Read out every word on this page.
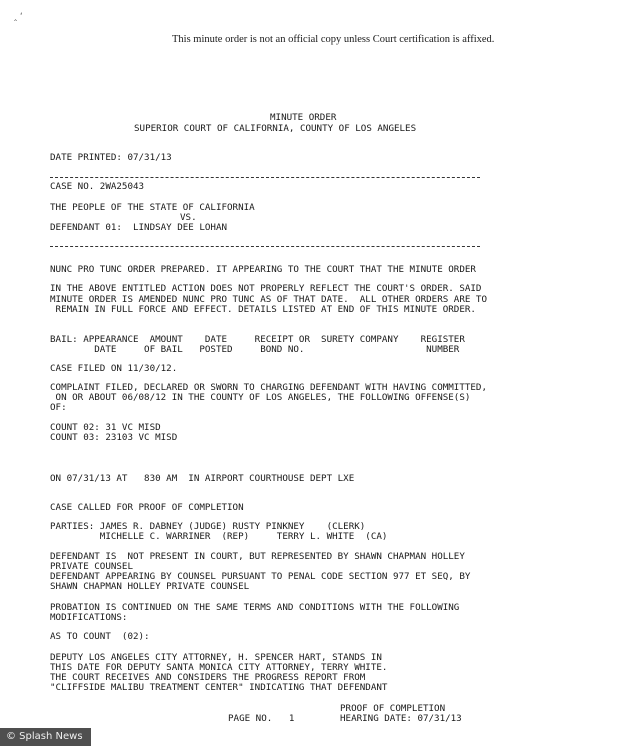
‸ ‘
This minute order is not an official copy unless Court certification is affixed.
MINUTE ORDER
SUPERIOR COURT OF CALIFORNIA, COUNTY OF LOS ANGELES
DATE PRINTED: 07/31/13
CASE NO. 2WA25043
THE PEOPLE OF THE STATE OF CALIFORNIA
VS.
DEFENDANT 01:  LINDSAY DEE LOHAN
NUNC PRO TUNC ORDER PREPARED. IT APPEARING TO THE COURT THAT THE MINUTE ORDER
IN THE ABOVE ENTITLED ACTION DOES NOT PROPERLY REFLECT THE COURT'S ORDER. SAID
MINUTE ORDER IS AMENDED NUNC PRO TUNC AS OF THAT DATE.  ALL OTHER ORDERS ARE TO
REMAIN IN FULL FORCE AND EFFECT. DETAILS LISTED AT END OF THIS MINUTE ORDER.
BAIL: APPEARANCE  AMOUNT    DATE     RECEIPT OR  SURETY COMPANY    REGISTER
DATE     OF BAIL   POSTED     BOND NO.                      NUMBER
CASE FILED ON 11/30/12.
COMPLAINT FILED, DECLARED OR SWORN TO CHARGING DEFENDANT WITH HAVING COMMITTED,
ON OR ABOUT 06/08/12 IN THE COUNTY OF LOS ANGELES, THE FOLLOWING OFFENSE(S)
OF:
COUNT 02: 31 VC MISD
COUNT 03: 23103 VC MISD
ON 07/31/13 AT   830 AM  IN AIRPORT COURTHOUSE DEPT LXE
CASE CALLED FOR PROOF OF COMPLETION
PARTIES: JAMES R. DABNEY (JUDGE) RUSTY PINKNEY    (CLERK)
MICHELLE C. WARRINER  (REP)     TERRY L. WHITE  (CA)
DEFENDANT IS  NOT PRESENT IN COURT, BUT REPRESENTED BY SHAWN CHAPMAN HOLLEY
PRIVATE COUNSEL
DEFENDANT APPEARING BY COUNSEL PURSUANT TO PENAL CODE SECTION 977 ET SEQ, BY
SHAWN CHAPMAN HOLLEY PRIVATE COUNSEL
PROBATION IS CONTINUED ON THE SAME TERMS AND CONDITIONS WITH THE FOLLOWING
MODIFICATIONS:
AS TO COUNT  (02):
DEPUTY LOS ANGELES CITY ATTORNEY, H. SPENCER HART, STANDS IN
THIS DATE FOR DEPUTY SANTA MONICA CITY ATTORNEY, TERRY WHITE.
THE COURT RECEIVES AND CONSIDERS THE PROGRESS REPORT FROM
"CLIFFSIDE MALIBU TREATMENT CENTER" INDICATING THAT DEFENDANT
PROOF OF COMPLETION
PAGE NO.   1	HEARING DATE: 07/31/13
© Splash News
